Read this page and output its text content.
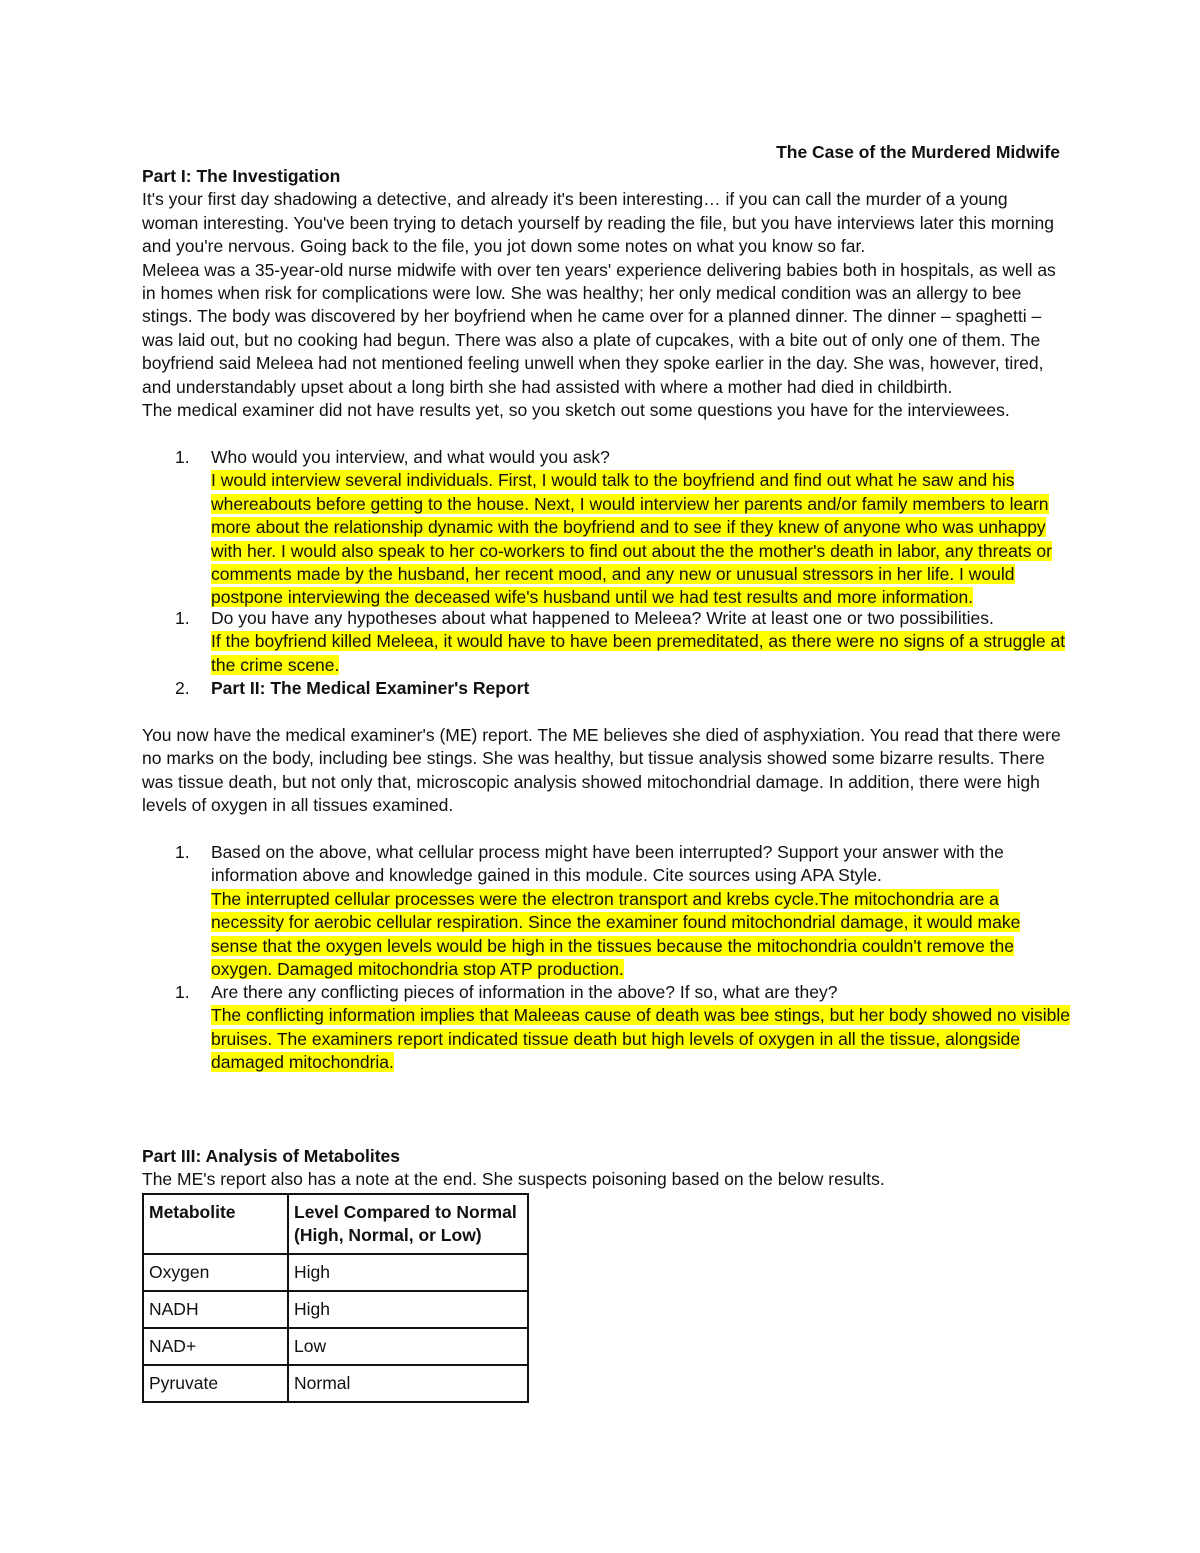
The Case of the Murdered Midwife
Part I: The Investigation

It's your first day shadowing a detective, and already it's been interesting… if you can call the murder of a young woman interesting. You've been trying to detach yourself by reading the file, but you have interviews later this morning and you're nervous. Going back to the file, you jot down some notes on what you know so far.

Meleea was a 35-year-old nurse midwife with over ten years' experience delivering babies both in hospitals, as well as in homes when risk for complications were low. She was healthy; her only medical condition was an allergy to bee stings. The body was discovered by her boyfriend when he came over for a planned dinner. The dinner – spaghetti – was laid out, but no cooking had begun. There was also a plate of cupcakes, with a bite out of only one of them. The boyfriend said Meleea had not mentioned feeling unwell when they spoke earlier in the day. She was, however, tired, and understandably upset about a long birth she had assisted with where a mother had died in childbirth.

The medical examiner did not have results yet, so you sketch out some questions you have for the interviewees.

1. Who would you interview, and what would you ask?
I would interview several individuals. First, I would talk to the boyfriend and find out what he saw and his whereabouts before getting to the house. Next, I would interview her parents and/or family members to learn more about the relationship dynamic with the boyfriend and to see if they knew of anyone who was unhappy with her. I would also speak to her co-workers to find out about the the mother's death in labor, any threats or comments made by the husband, her recent mood, and any new or unusual stressors in her life. I would postpone interviewing the deceased wife's husband until we had test results and more information.
1. Do you have any hypotheses about what happened to Meleea? Write at least one or two possibilities.
If the boyfriend killed Meleea, it would have to have been premeditated, as there were no signs of a struggle at the crime scene.
2. Part II: The Medical Examiner's Report

You now have the medical examiner's (ME) report. The ME believes she died of asphyxiation. You read that there were no marks on the body, including bee stings. She was healthy, but tissue analysis showed some bizarre results. There was tissue death, but not only that, microscopic analysis showed mitochondrial damage. In addition, there were high levels of oxygen in all tissues examined.

1. Based on the above, what cellular process might have been interrupted? Support your answer with the information above and knowledge gained in this module. Cite sources using APA Style.
The interrupted cellular processes were the electron transport and krebs cycle.The mitochondria are a necessity for aerobic cellular respiration. Since the examiner found mitochondrial damage, it would make sense that the oxygen levels would be high in the tissues because the mitochondria couldn't remove the oxygen. Damaged mitochondria stop ATP production.
1. Are there any conflicting pieces of information in the above? If so, what are they?
The conflicting information implies that Maleeas cause of death was bee stings, but her body showed no visible bruises. The examiners report indicated tissue death but high levels of oxygen in all the tissue, alongside damaged mitochondria.
Part III: Analysis of Metabolites

The ME's report also has a note at the end. She suspects poisoning based on the below results.

Metabolite	Level Compared to Normal (High, Normal, or Low)
Oxygen	High
NADH	High
NAD+	Low
Pyruvate	Normal
